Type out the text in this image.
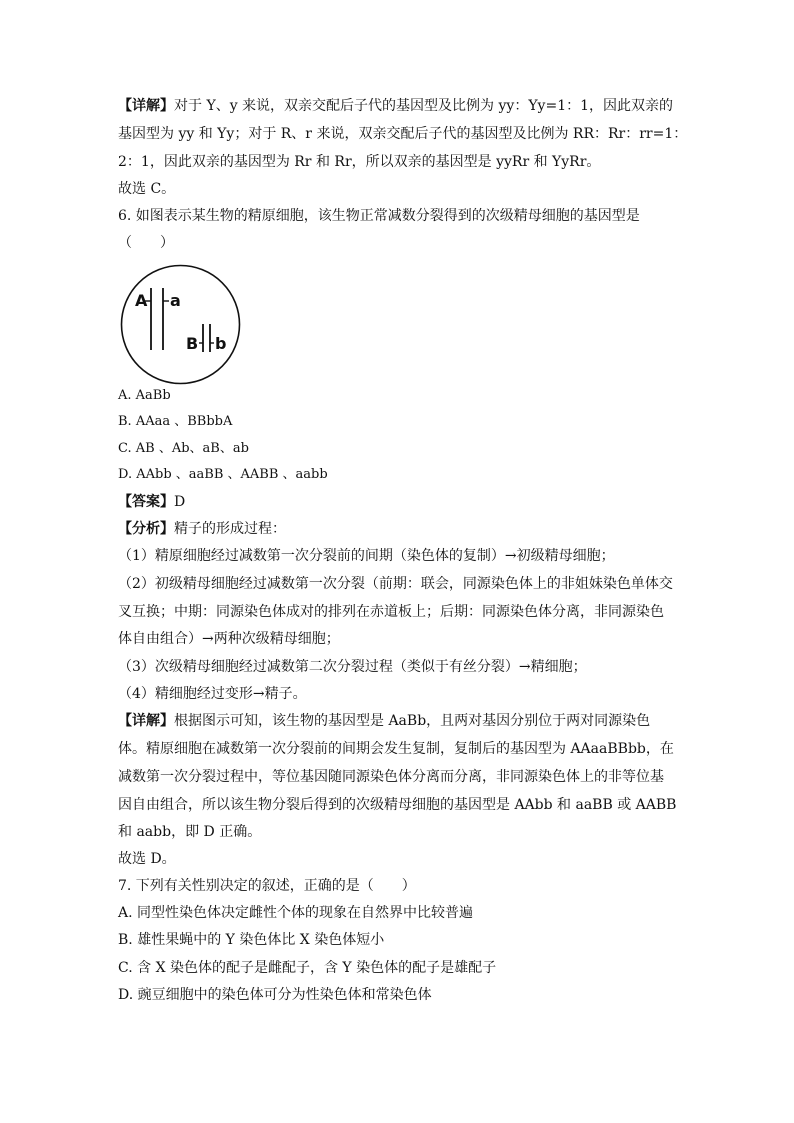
【详解】对于 Y、y 来说，双亲交配后子代的基因型及比例为 yy：Yy=1：1，因此双亲的
基因型为 yy 和 Yy；对于 R、r 来说，双亲交配后子代的基因型及比例为 RR：Rr：rr=1：
2：1，因此双亲的基因型为 Rr 和 Rr，所以双亲的基因型是 yyRr 和 YyRr。
故选 C。
6. 如图表示某生物的精原细胞，该生物正常减数分裂得到的次级精母细胞的基因型是
（　　）
A a
B b
A. AaBb
B. AAaa 、BBbbA
C. AB 、Ab、aB、ab
D. AAbb 、aaBB 、AABB 、aabb
【答案】D
【分析】精子的形成过程：
（1）精原细胞经过减数第一次分裂前的间期（染色体的复制）→初级精母细胞；
（2）初级精母细胞经过减数第一次分裂（前期：联会，同源染色体上的非姐妹染色单体交
叉互换；中期：同源染色体成对的排列在赤道板上；后期：同源染色体分离，非同源染色
体自由组合）→两种次级精母细胞；
（3）次级精母细胞经过减数第二次分裂过程（类似于有丝分裂）→精细胞；
（4）精细胞经过变形→精子。
【详解】根据图示可知，该生物的基因型是 AaBb，且两对基因分别位于两对同源染色
体。精原细胞在减数第一次分裂前的间期会发生复制，复制后的基因型为 AAaaBBbb，在
减数第一次分裂过程中，等位基因随同源染色体分离而分离，非同源染色体上的非等位基
因自由组合，所以该生物分裂后得到的次级精母细胞的基因型是 AAbb 和 aaBB 或 AABB
和 aabb，即 D 正确。
故选 D。
7. 下列有关性别决定的叙述，正确的是（　　）
A. 同型性染色体决定雌性个体的现象在自然界中比较普遍
B. 雄性果蝇中的 Y 染色体比 X 染色体短小
C. 含 X 染色体的配子是雌配子，含 Y 染色体的配子是雄配子
D. 豌豆细胞中的染色体可分为性染色体和常染色体
